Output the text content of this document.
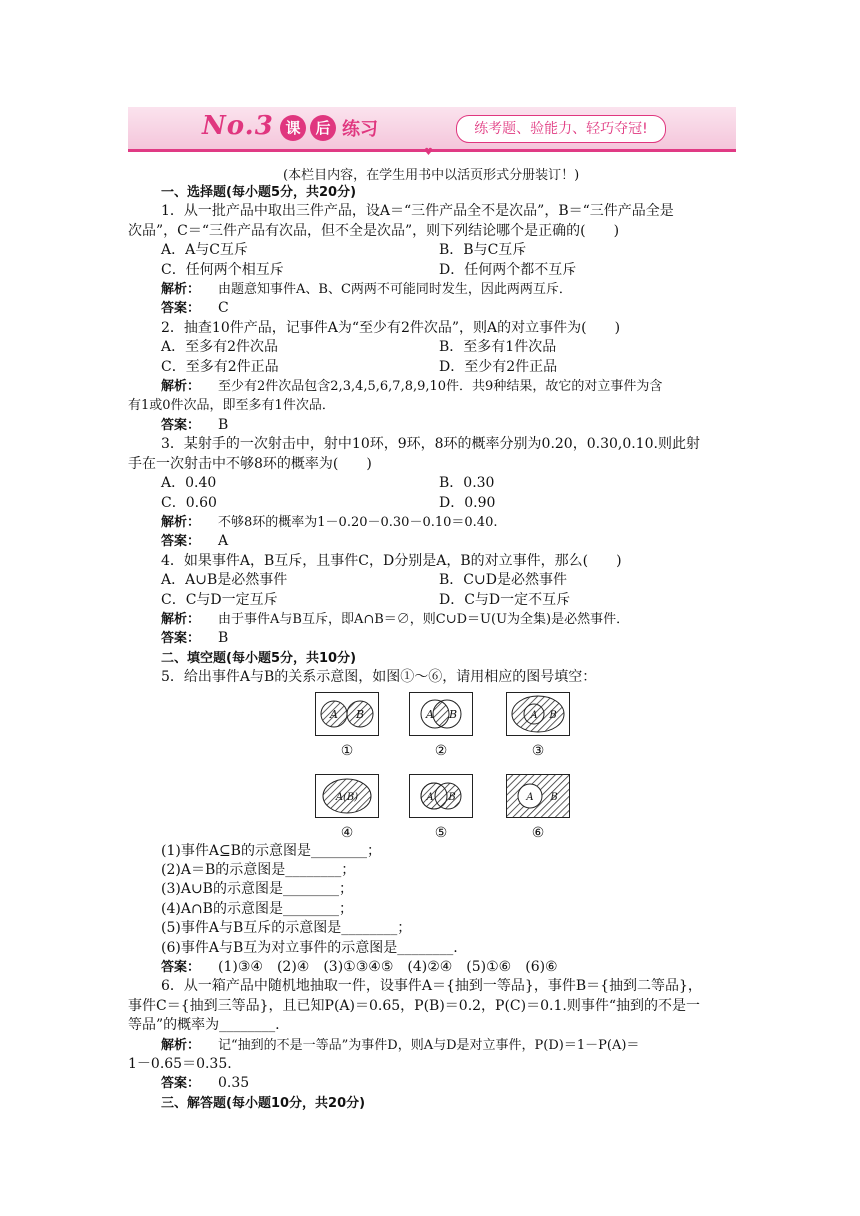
No.3 课 后 练习	练考题、验能力、轻巧夺冠!
♥
(本栏目内容，在学生用书中以活页形式分册装订！)

一、选择题(每小题5分，共20分)

1．从一批产品中取出三件产品，设A＝“三件产品全不是次品”，B＝“三件产品全是

次品”，C＝“三件产品有次品，但不全是次品”，则下列结论哪个是正确的(　　)

A．A与C互斥	B．B与C互斥
C．任何两个相互斥	D．任何两个都不互斥

解析： 由题意知事件A、B、C两两不可能同时发生，因此两两互斥．

答案： C

2．抽查10件产品，记事件A为“至少有2件次品”，则A的对立事件为(　　)

A．至多有2件次品	B．至多有1件次品
C．至多有2件正品	D．至少有2件正品

解析： 至少有2件次品包含2,3,4,5,6,7,8,9,10件．共9种结果，故它的对立事件为含

有1或0件次品，即至多有1件次品．

答案： B

3．某射手的一次射击中，射中10环，9环，8环的概率分别为0.20，0.30,0.10.则此射

手在一次射击中不够8环的概率为(　　)

A．0.40	B．0.30
C．0.60	D．0.90

解析： 不够8环的概率为1－0.20－0.30－0.10＝0.40.

答案： A

4．如果事件A，B互斥，且事件C，D分别是A，B的对立事件，那么(　　)

A．A∪B是必然事件	B．C∪D是必然事件
C．C与D一定互斥	D．C与D一定不互斥

解析： 由于事件A与B互斥，即A∩B＝∅，则C∪D＝U(U为全集)是必然事件．

答案： B

二、填空题(每小题5分，共10分)

5．给出事件A与B的关系示意图，如图①～⑥，请用相应的图号填空：

A B
①
A B
②
A B
③
A(B)
④
A B
⑤
A B
⑥

(1)事件A⊆B的示意图是________；

(2)A＝B的示意图是________；

(3)A∪B的示意图是________；

(4)A∩B的示意图是________；

(5)事件A与B互斥的示意图是________；

(6)事件A与B互为对立事件的示意图是________.

答案： (1)③④　(2)④　(3)①③④⑤　(4)②④　(5)①⑥　(6)⑥

6．从一箱产品中随机地抽取一件，设事件A＝{抽到一等品}，事件B＝{抽到二等品}，

事件C＝{抽到三等品}，且已知P(A)＝0.65，P(B)＝0.2，P(C)＝0.1.则事件“抽到的不是一

等品”的概率为________.

解析： 记“抽到的不是一等品”为事件D，则A与D是对立事件，P(D)＝1－P(A)＝

1－0.65＝0.35.

答案： 0.35

三、解答题(每小题10分，共20分)
